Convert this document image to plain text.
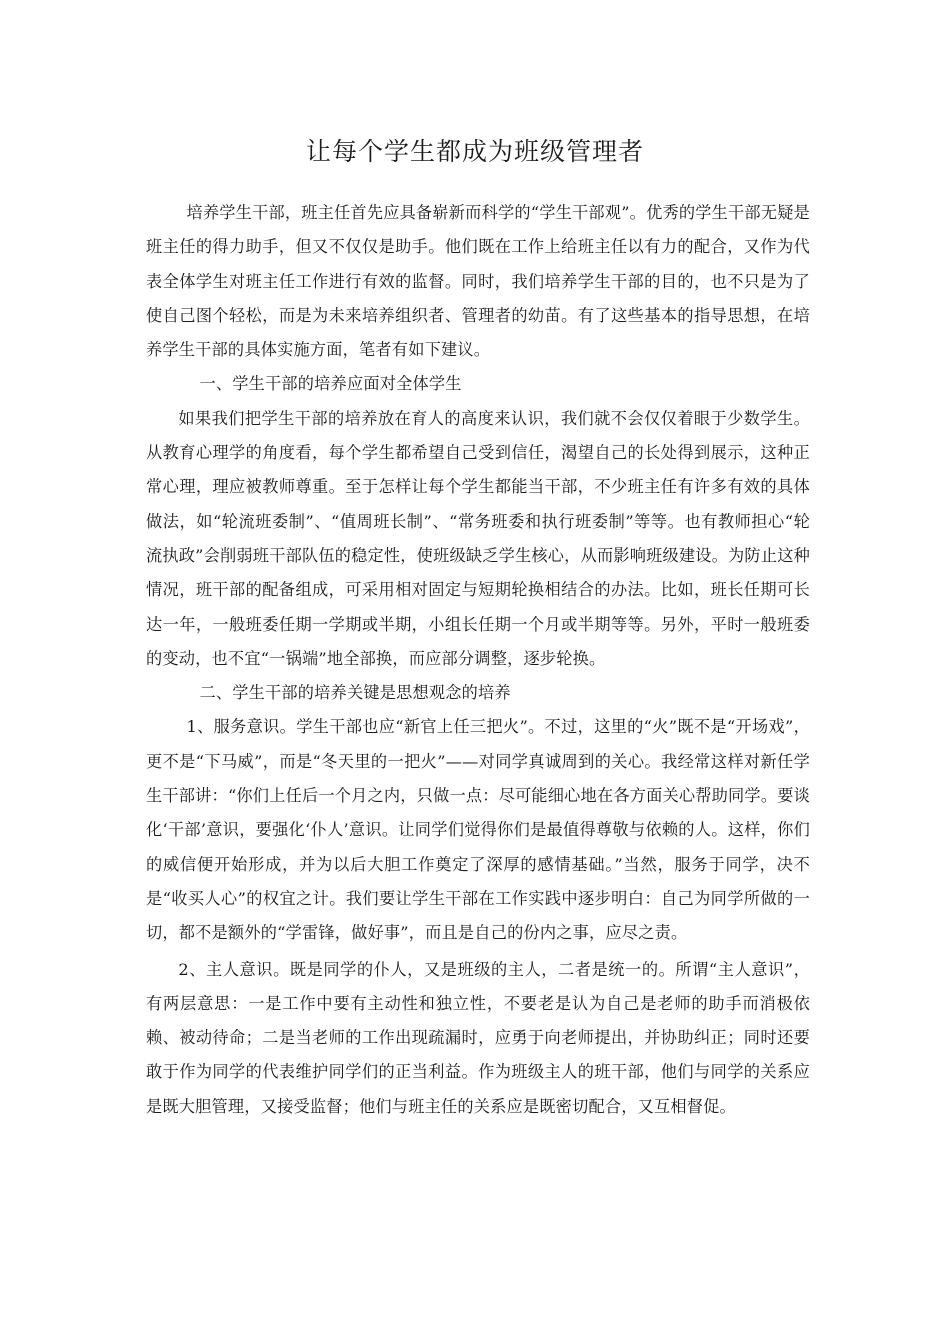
让每个学生都成为班级管理者

培养学生干部，班主任首先应具备崭新而科学的“学生干部观”。优秀的学生干部无疑是班主任的得力助手，但又不仅仅是助手。他们既在工作上给班主任以有力的配合，又作为代表全体学生对班主任工作进行有效的监督。同时，我们培养学生干部的目的，也不只是为了使自己图个轻松，而是为未来培养组织者、管理者的幼苗。有了这些基本的指导思想，在培养学生干部的具体实施方面，笔者有如下建议。

一、学生干部的培养应面对全体学生

如果我们把学生干部的培养放在育人的高度来认识，我们就不会仅仅着眼于少数学生。从教育心理学的角度看，每个学生都希望自己受到信任，渴望自己的长处得到展示，这种正常心理，理应被教师尊重。至于怎样让每个学生都能当干部，不少班主任有许多有效的具体做法，如“轮流班委制”、“值周班长制”、“常务班委和执行班委制”等等。也有教师担心“轮流执政”会削弱班干部队伍的稳定性，使班级缺乏学生核心，从而影响班级建设。为防止这种情况，班干部的配备组成，可采用相对固定与短期轮换相结合的办法。比如，班长任期可长达一年，一般班委任期一学期或半期，小组长任期一个月或半期等等。另外，平时一般班委的变动，也不宜“一锅端”地全部换，而应部分调整，逐步轮换。

二、学生干部的培养关键是思想观念的培养

1、服务意识。学生干部也应“新官上任三把火”。不过，这里的“火”既不是“开场戏”，更不是“下马威”，而是“冬天里的一把火”——对同学真诚周到的关心。我经常这样对新任学生干部讲：“你们上任后一个月之内，只做一点：尽可能细心地在各方面关心帮助同学。要谈化‘干部’意识，要强化‘仆人’意识。让同学们觉得你们是最值得尊敬与依赖的人。这样，你们的威信便开始形成，并为以后大胆工作奠定了深厚的感情基础。”当然，服务于同学，决不是“收买人心”的权宜之计。我们要让学生干部在工作实践中逐步明白：自己为同学所做的一切，都不是额外的“学雷锋，做好事”，而且是自己的份内之事，应尽之责。

2、主人意识。既是同学的仆人，又是班级的主人，二者是统一的。所谓“主人意识”，有两层意思：一是工作中要有主动性和独立性，不要老是认为自己是老师的助手而消极依赖、被动待命；二是当老师的工作出现疏漏时，应勇于向老师提出，并协助纠正；同时还要敢于作为同学的代表维护同学们的正当利益。作为班级主人的班干部，他们与同学的关系应是既大胆管理，又接受监督；他们与班主任的关系应是既密切配合，又互相督促。
